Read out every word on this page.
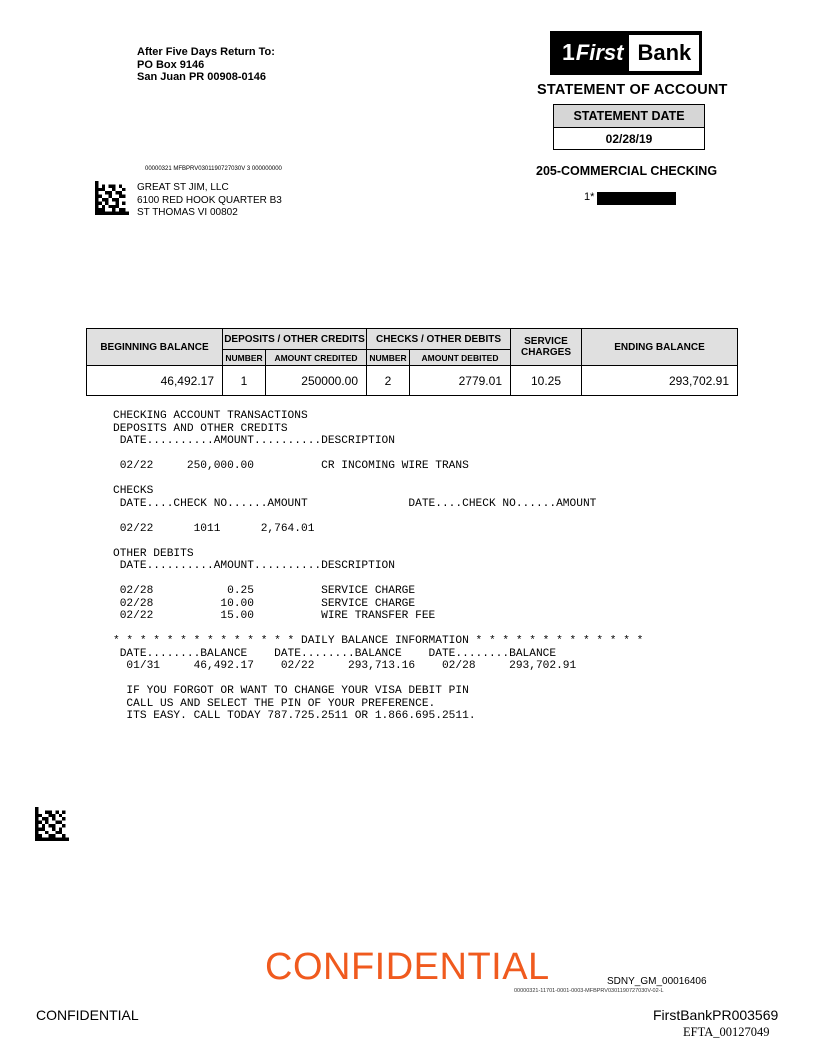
After Five Days Return To:
PO Box 9146
San Juan PR 00908-0146
1 First Bank
STATEMENT OF ACCOUNT
STATEMENT DATE
02/28/19
205-COMMERCIAL CHECKING
1*
00000321 MFBPRV0301190727030V 3 000000000
GREAT ST JIM, LLC
6100 RED HOOK QUARTER B3
ST THOMAS VI 00802
BEGINNING BALANCE	DEPOSITS / OTHER CREDITS		CHECKS / OTHER DEBITS		SERVICE CHARGES	ENDING BALANCE
	NUMBER	AMOUNT CREDITED	NUMBER	AMOUNT DEBITED		
46,492.17	1	250000.00	2	2779.01	10.25	293,702.91
CHECKING ACCOUNT TRANSACTIONS
DEPOSITS AND OTHER CREDITS
DATE..........AMOUNT..........DESCRIPTION

02/22     250,000.00          CR INCOMING WIRE TRANS

CHECKS
DATE....CHECK NO......AMOUNT               DATE....CHECK NO......AMOUNT

02/22      1011      2,764.01

OTHER DEBITS
DATE..........AMOUNT..........DESCRIPTION

02/28           0.25          SERVICE CHARGE
02/28          10.00          SERVICE CHARGE
02/22          15.00          WIRE TRANSFER FEE

* * * * * * * * * * * * * * DAILY BALANCE INFORMATION * * * * * * * * * * * * *
DATE........BALANCE    DATE........BALANCE    DATE........BALANCE
01/31     46,492.17    02/22     293,713.16    02/28     293,702.91

IF YOU FORGOT OR WANT TO CHANGE YOUR VISA DEBIT PIN
CALL US AND SELECT THE PIN OF YOUR PREFERENCE.
ITS EASY. CALL TODAY 787.725.2511 OR 1.866.695.2511.
CONFIDENTIAL	SDNY_GM_00016406
00000321-11701-0001-0003-MFBPRV0301190727030V-02-L
CONFIDENTIAL	FirstBankPR003569
EFTA_00127049
